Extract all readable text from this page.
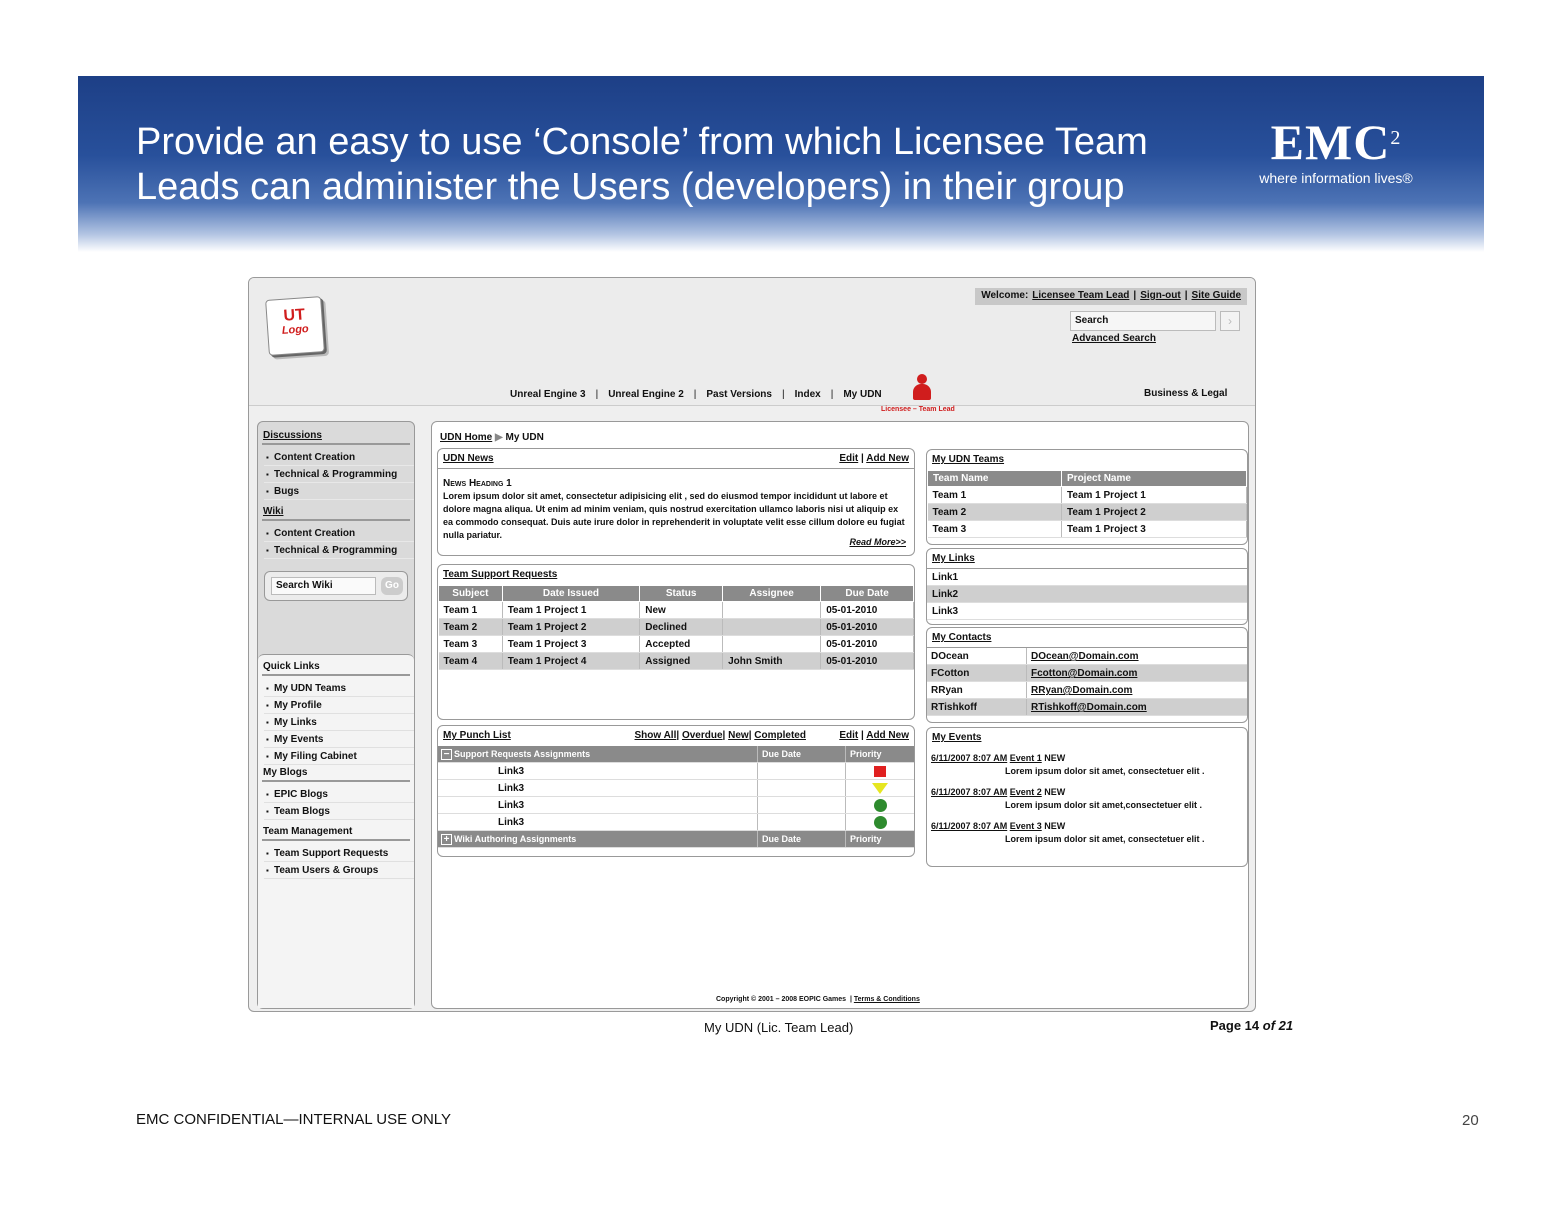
Provide an easy to use ‘Console’ from which Licensee Team
Leads can administer the Users (developers) in their group
EMC$^2$
where information lives®
UT
Logo
Welcome: Licensee Team Lead | Sign-out | Site Guide
Search	›
Advanced Search
Unreal Engine 3 | Unreal Engine 2 | Past Versions | Index | My UDN
Licensee – Team Lead
Business & Legal
Discussions
▪ Content Creation
▪ Technical & Programming
▪ Bugs
Wiki
▪ Content Creation
▪ Technical & Programming
Search Wiki	Go
Quick Links
▪ My UDN Teams
▪ My Profile
▪ My Links
▪ My Events
▪ My Filing Cabinet
My Blogs
▪ EPIC Blogs
▪ Team Blogs
Team Management
▪ Team Support Requests
▪ Team Users & Groups
UDN Home ▶ My UDN
UDN News	Edit | Add New
News Heading 1
Lorem ipsum dolor sit amet, consectetur adipisicing elit , sed do eiusmod tempor incididunt ut labore et dolore magna aliqua. Ut enim ad minim veniam, quis nostrud exercitation ullamco laboris nisi ut aliquip ex ea commodo consequat. Duis aute irure dolor in reprehenderit in voluptate velit esse cillum dolore eu fugiat nulla pariatur.
Read More>>
Team Support Requests
Subject	Date Issued	Status	Assignee	Due Date
Team 1	Team 1 Project 1	New		05-01-2010
Team 2	Team 1 Project 2	Declined		05-01-2010
Team 3	Team 1 Project 3	Accepted		05-01-2010
Team 4	Team 1 Project 4	Assigned	John Smith	05-01-2010
My Punch List	Show All| Overdue| New| Completed	Edit | Add New
− Support Requests Assignments	Due Date	Priority
Link3
Link3
Link3
Link3
+ Wiki Authoring Assignments	Due Date	Priority
My UDN Teams
Team Name	Project Name
Team 1	Team 1 Project 1
Team 2	Team 1 Project 2
Team 3	Team 1 Project 3
My Links
Link1
Link2
Link3
My Contacts
DOcean	DOcean@Domain.com
FCotton	Fcotton@Domain.com
RRyan	RRyan@Domain.com
RTishkoff	RTishkoff@Domain.com
My Events
6/11/2007 8:07 AM Event 1 NEW
Lorem ipsum dolor sit amet, consectetuer elit .
6/11/2007 8:07 AM Event 2 NEW
Lorem ipsum dolor sit amet,consectetuer elit .
6/11/2007 8:07 AM Event 3 NEW
Lorem ipsum dolor sit amet, consectetuer elit .
Copyright © 2001 – 2008 EOPIC Games | Terms & Conditions
My UDN (Lic. Team Lead)	Page 14 of 21
EMC CONFIDENTIAL—INTERNAL USE ONLY	20
